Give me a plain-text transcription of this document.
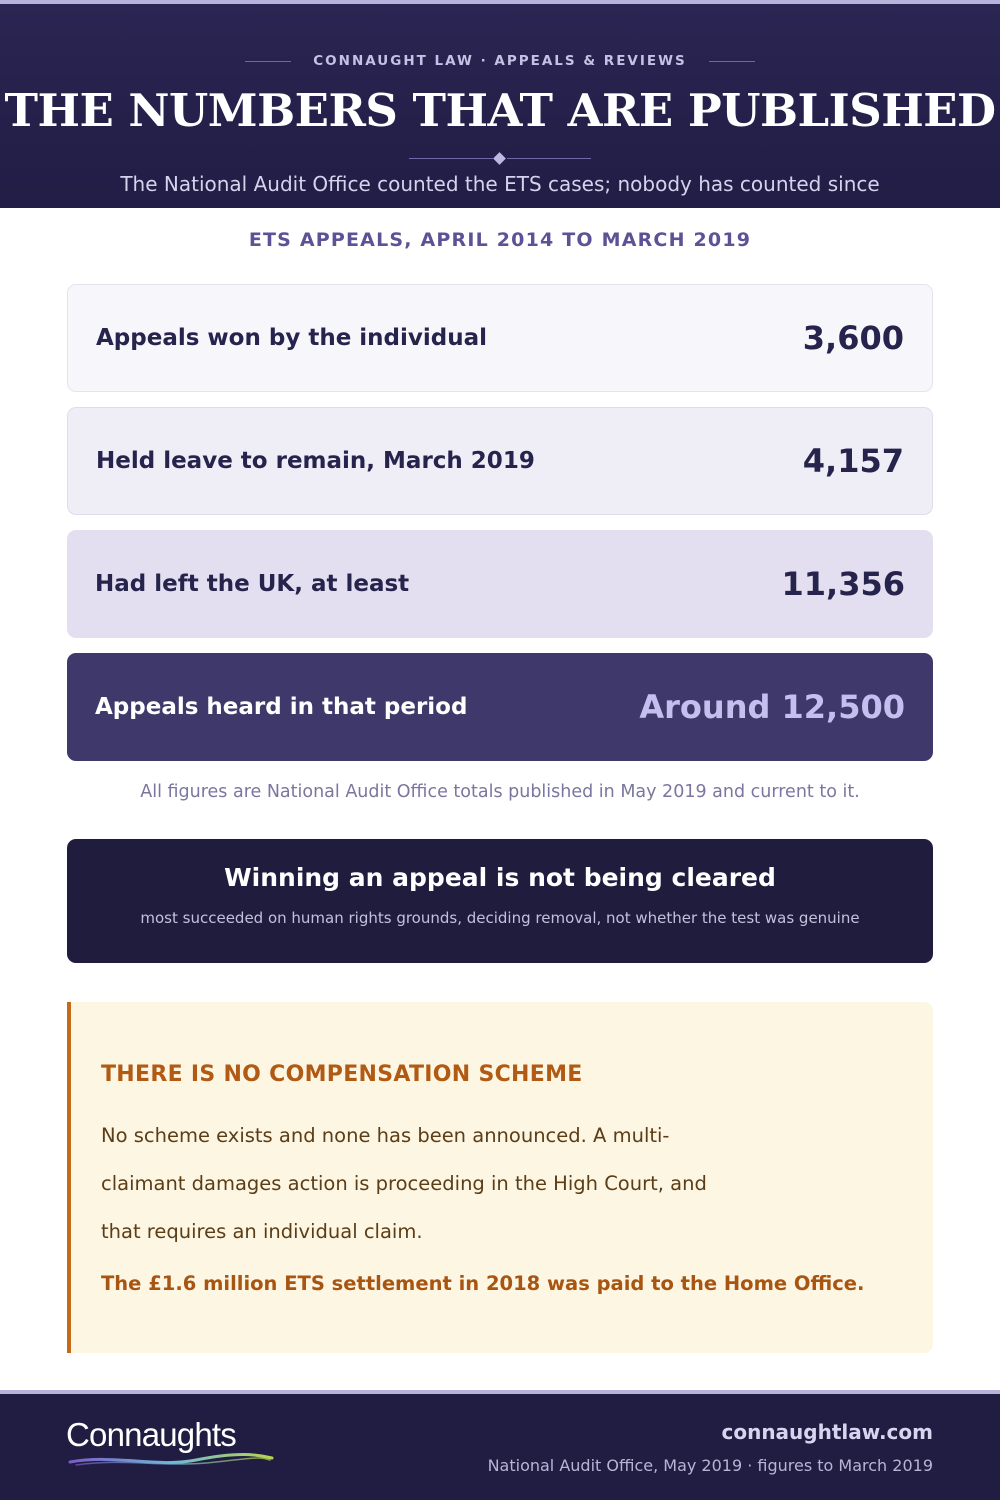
CONNAUGHT LAW · APPEALS & REVIEWS
THE NUMBERS THAT ARE PUBLISHED

The National Audit Office counted the ETS cases; nobody has counted since

ETS APPEALS, APRIL 2014 TO MARCH 2019
Appeals won by the individual	3,600
Held leave to remain, March 2019	4,157
Had left the UK, at least	11,356
Appeals heard in that period	Around 12,500

All figures are National Audit Office totals published in May 2019 and current to it.

Winning an appeal is not being cleared
most succeeded on human rights grounds, deciding removal, not whether the test was genuine
THERE IS NO COMPENSATION SCHEME

No scheme exists and none has been announced. A multi-claimant damages action is proceeding in the High Court, and that requires an individual claim.

The £1.6 million ETS settlement in 2018 was paid to the Home Office.

Connaughts	connaughtlaw.com
National Audit Office, May 2019 · figures to March 2019
